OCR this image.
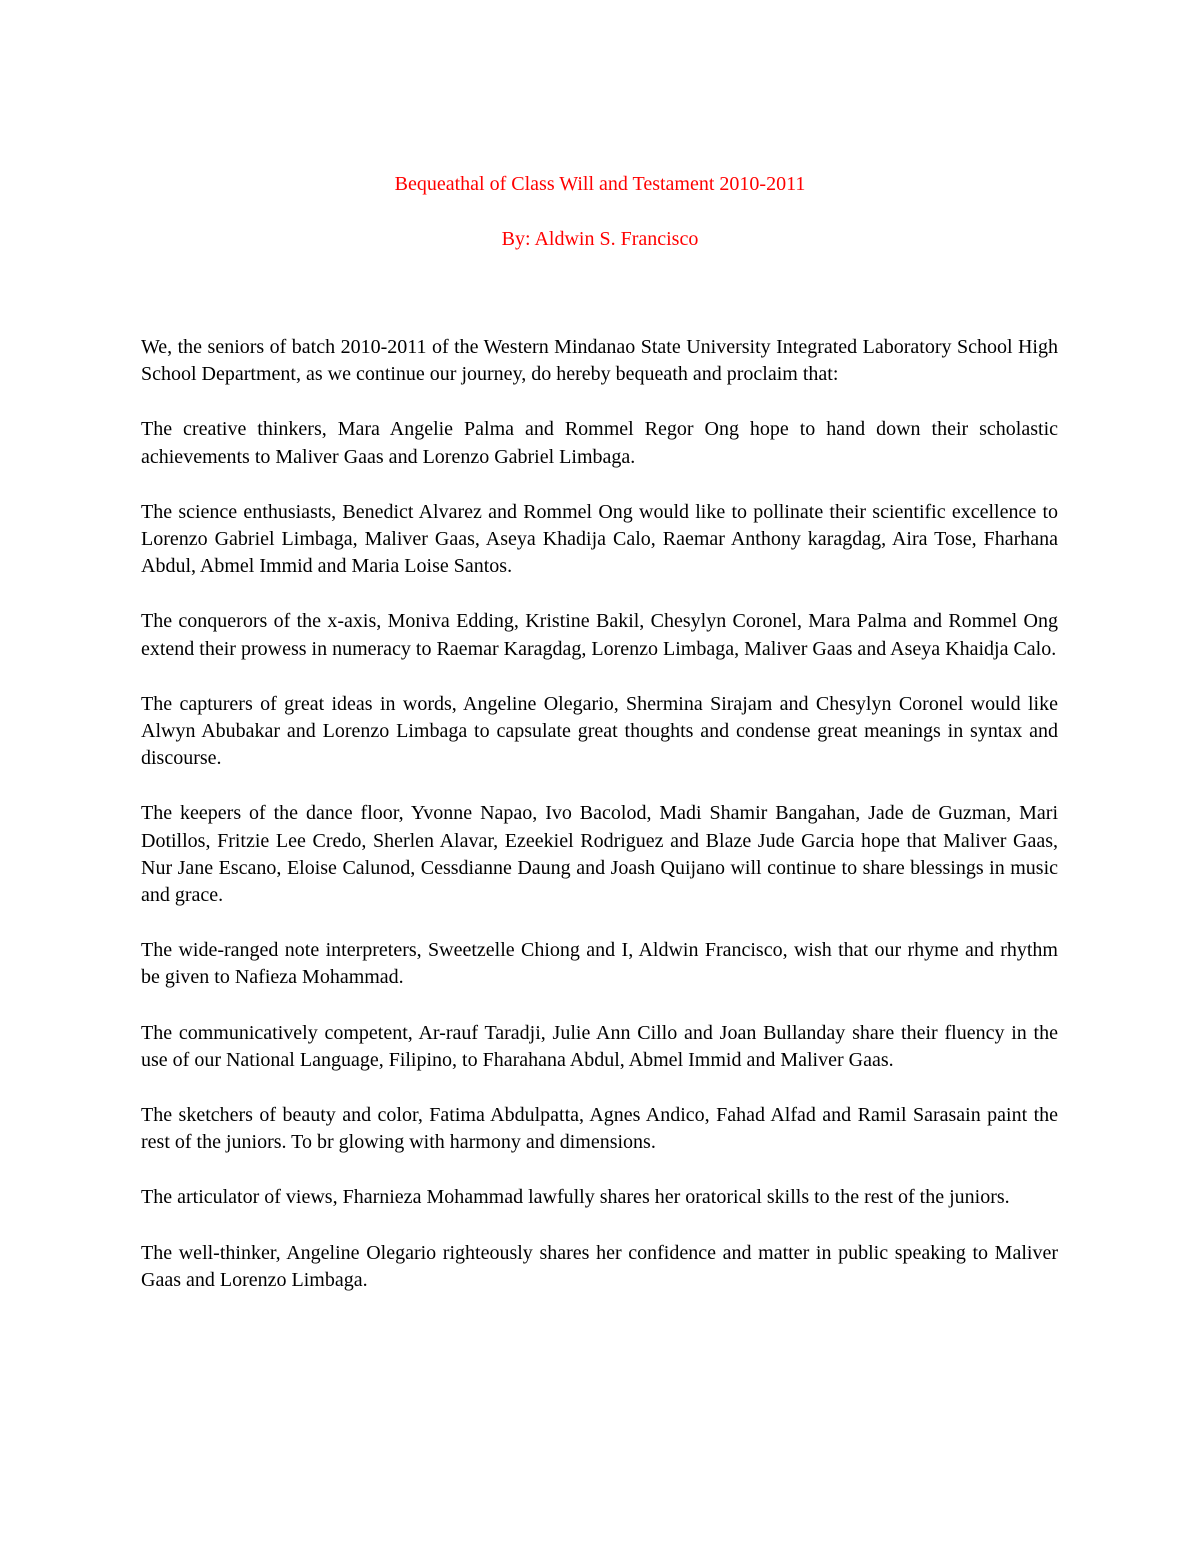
Bequeathal of Class Will and Testament 2010-2011
By: Aldwin S. Francisco

We, the seniors of batch 2010-2011 of the Western Mindanao State University Integrated Laboratory School High School Department, as we continue our journey, do hereby bequeath and proclaim that:

The creative thinkers, Mara Angelie Palma and Rommel Regor Ong hope to hand down their scholastic achievements to Maliver Gaas and Lorenzo Gabriel Limbaga.

The science enthusiasts, Benedict Alvarez and Rommel Ong would like to pollinate their scientific excellence to Lorenzo Gabriel Limbaga, Maliver Gaas, Aseya Khadija Calo, Raemar Anthony karagdag, Aira Tose, Fharhana Abdul, Abmel Immid and Maria Loise Santos.

The conquerors of the x-axis, Moniva Edding, Kristine Bakil, Chesylyn Coronel, Mara Palma and Rommel Ong extend their prowess in numeracy to Raemar Karagdag, Lorenzo Limbaga, Maliver Gaas and Aseya Khaidja Calo.

The capturers of great ideas in words, Angeline Olegario, Shermina Sirajam and Chesylyn Coronel would like Alwyn Abubakar and Lorenzo Limbaga to capsulate great thoughts and condense great meanings in syntax and discourse.

The keepers of the dance floor, Yvonne Napao, Ivo Bacolod, Madi Shamir Bangahan, Jade de Guzman, Mari Dotillos, Fritzie Lee Credo, Sherlen Alavar, Ezeekiel Rodriguez and Blaze Jude Garcia hope that Maliver Gaas, Nur Jane Escano, Eloise Calunod, Cessdianne Daung and Joash Quijano will continue to share blessings in music and grace.

The wide-ranged note interpreters, Sweetzelle Chiong and I, Aldwin Francisco, wish that our rhyme and rhythm be given to Nafieza Mohammad.

The communicatively competent, Ar-rauf Taradji, Julie Ann Cillo and Joan Bullanday share their fluency in the use of our National Language, Filipino, to Fharahana Abdul, Abmel Immid and Maliver Gaas.

The sketchers of beauty and color, Fatima Abdulpatta, Agnes Andico, Fahad Alfad and Ramil Sarasain paint the rest of the juniors. To br glowing with harmony and dimensions.

The articulator of views, Fharnieza Mohammad lawfully shares her oratorical skills to the rest of the juniors.

The well-thinker, Angeline Olegario righteously shares her confidence and matter in public speaking to Maliver Gaas and Lorenzo Limbaga.
